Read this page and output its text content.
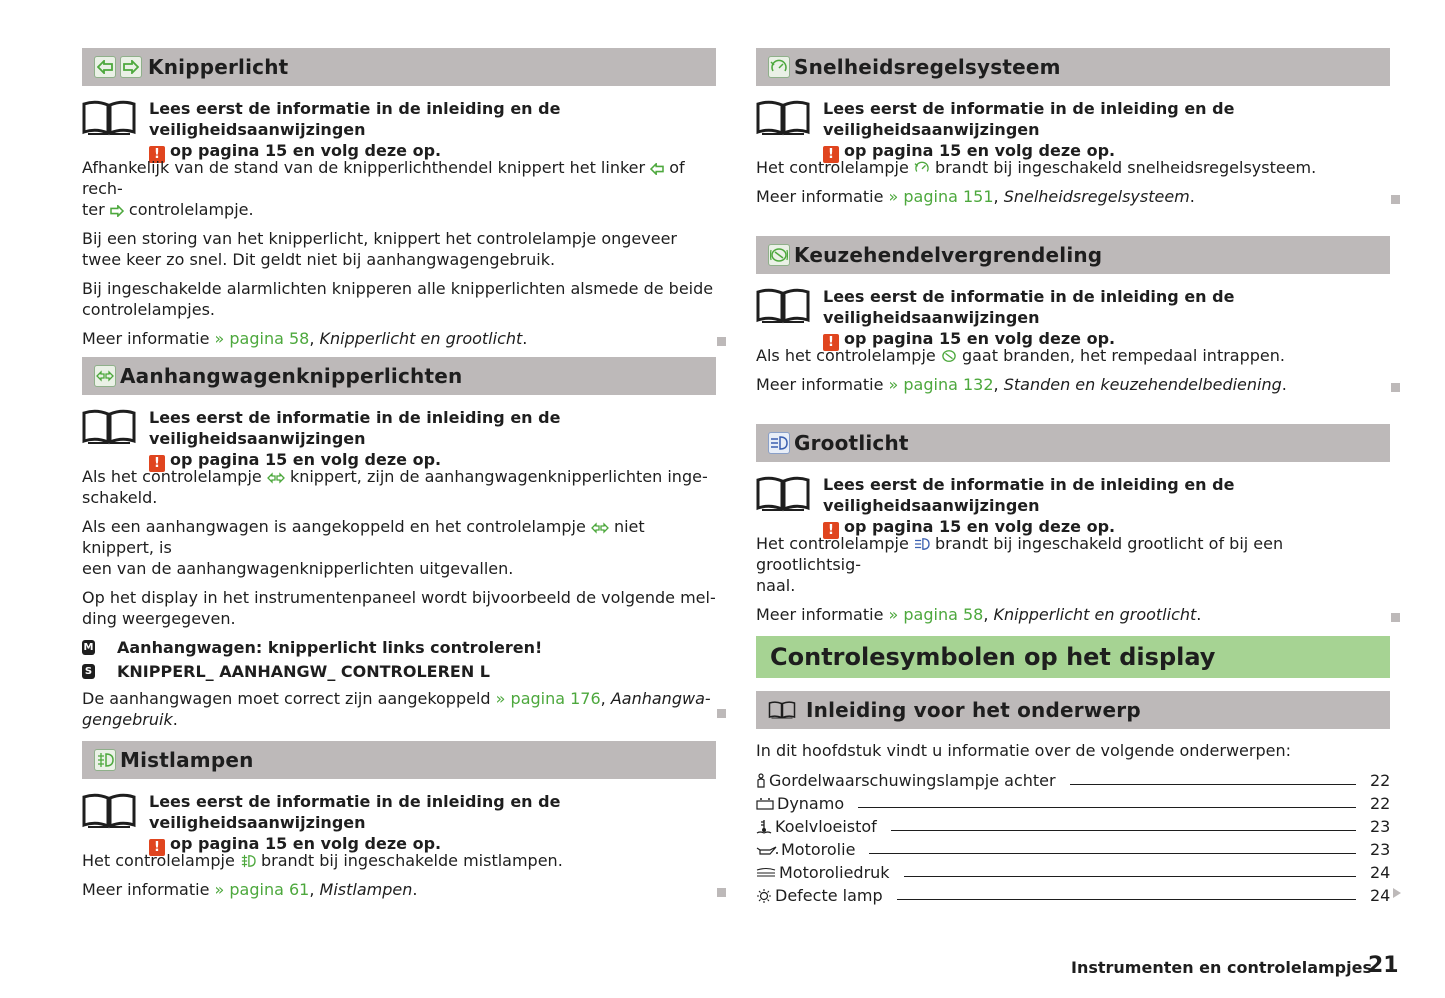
Knipperlicht
Lees eerst de informatie in de inleiding en de veiligheidsaanwijzingen
! op pagina 15 en volg deze op.
Afhankelijk van de stand van de knipperlichthendel knippert het linker of rech-
ter controlelampje.
Bij een storing van het knipperlicht, knippert het controlelampje ongeveer twee keer zo snel. Dit geldt niet bij aanhangwagengebruik.
Bij ingeschakelde alarmlichten knipperen alle knipperlichten alsmede de beide controlelampjes.
Meer informatie » pagina 58, Knipperlicht en grootlicht.
Aanhangwagenknipperlichten
Lees eerst de informatie in de inleiding en de veiligheidsaanwijzingen
! op pagina 15 en volg deze op.
Als het controlelampje knippert, zijn de aanhangwagenknipperlichten inge-
schakeld.
Als een aanhangwagen is aangekoppeld en het controlelampje niet knippert, is
een van de aanhangwagenknipperlichten uitgevallen.
Op het display in het instrumentenpaneel wordt bijvoorbeeld de volgende mel-ding weergegeven.
M Aanhangwagen: knipperlicht links controleren!
S KNIPPERL_ AANHANGW_ CONTROLEREN L
De aanhangwagen moet correct zijn aangekoppeld » pagina 176, Aanhangwa-
gengebruik.
Mistlampen
Lees eerst de informatie in de inleiding en de veiligheidsaanwijzingen
! op pagina 15 en volg deze op.
Het controlelampje brandt bij ingeschakelde mistlampen.
Meer informatie » pagina 61, Mistlampen.
Snelheidsregelsysteem
Lees eerst de informatie in de inleiding en de veiligheidsaanwijzingen
! op pagina 15 en volg deze op.
Het controlelampje brandt bij ingeschakeld snelheidsregelsysteem.
Meer informatie » pagina 151, Snelheidsregelsysteem.
Keuzehendelvergrendeling
Lees eerst de informatie in de inleiding en de veiligheidsaanwijzingen
! op pagina 15 en volg deze op.
Als het controlelampje gaat branden, het rempedaal intrappen.
Meer informatie » pagina 132, Standen en keuzehendelbediening.
Grootlicht
Lees eerst de informatie in de inleiding en de veiligheidsaanwijzingen
! op pagina 15 en volg deze op.
Het controlelampje brandt bij ingeschakeld grootlicht of bij een grootlichtsig-
naal.
Meer informatie » pagina 58, Knipperlicht en grootlicht.
Controlesymbolen op het display
Inleiding voor het onderwerp
In dit hoofdstuk vindt u informatie over de volgende onderwerpen:
Gordelwaarschuwingslampje achter	22
Dynamo	22
Koelvloeistof	23
Motorolie	23
Motoroliedruk	24
Defecte lamp	24
Instrumenten en controlelampjes
21
